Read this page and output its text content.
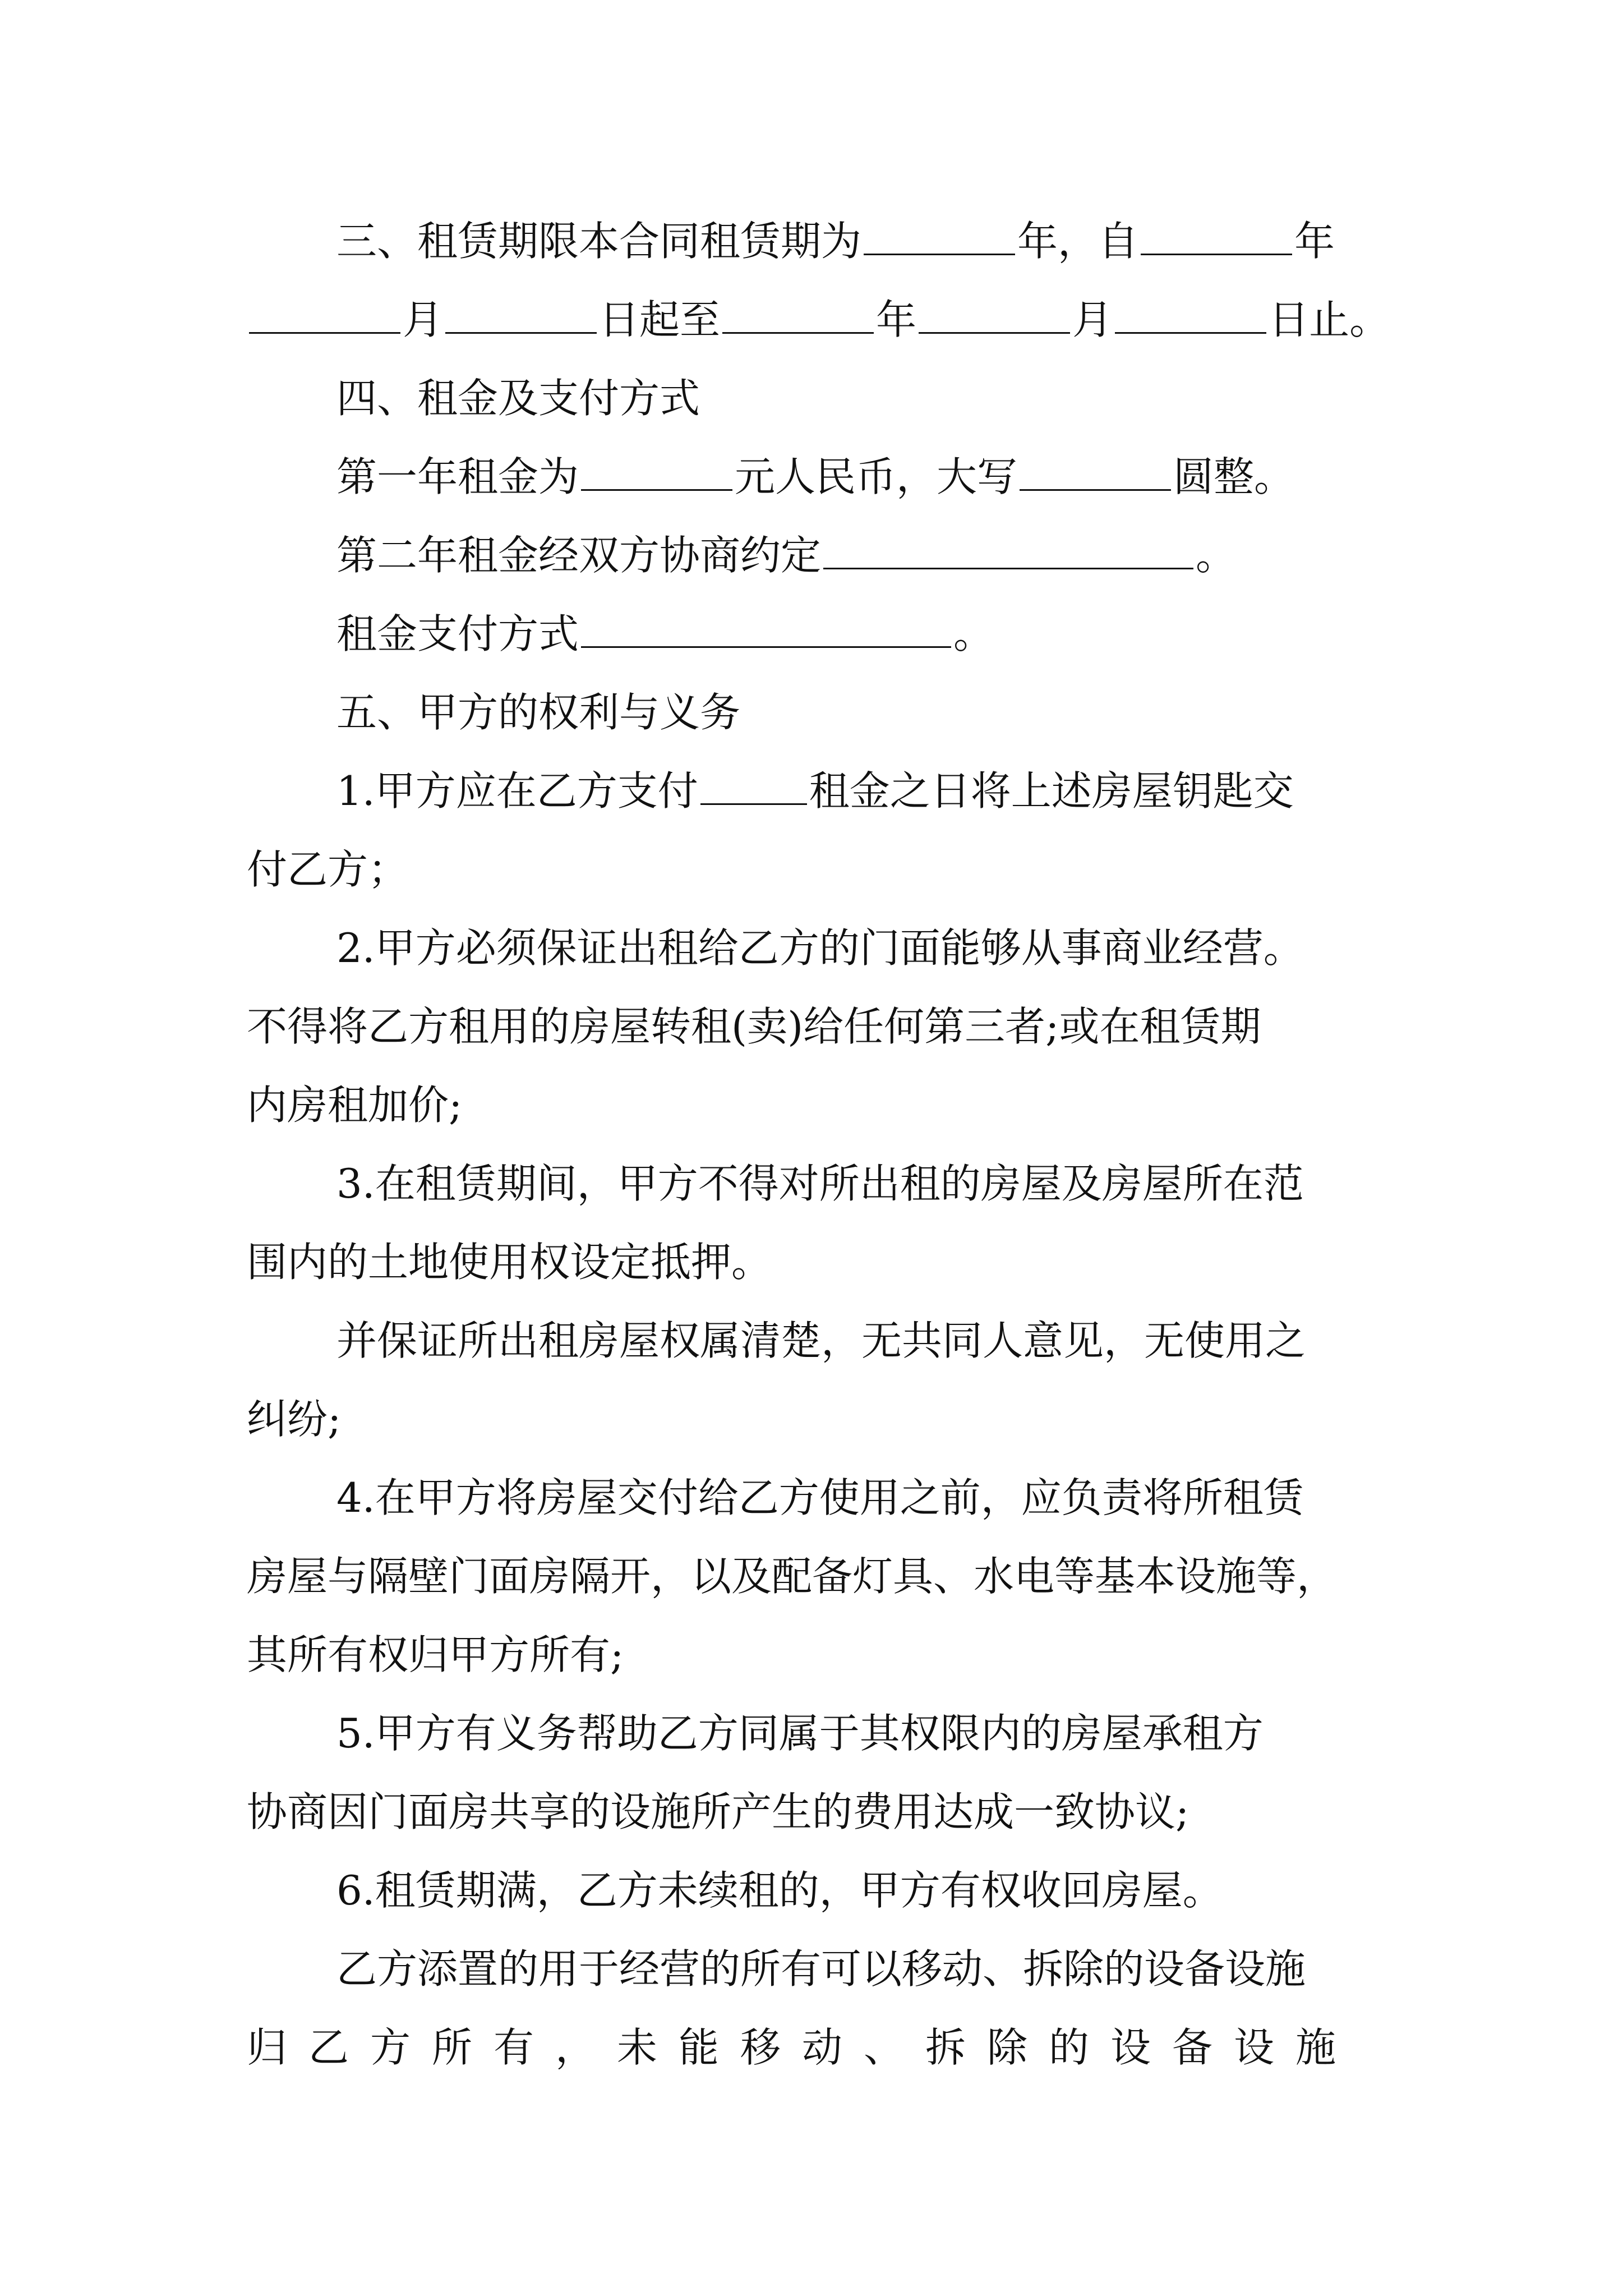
三、租赁期限本合同租赁期为	年，自	年
月	日起至	年	月	日止。
四、租金及支付方式
第一年租金为	元人民币，大写	圆整。
第二年租金经双方协商约定	。
租金支付方式	。
五、甲方的权利与义务
1.甲方应在乙方支付	租金之日将上述房屋钥匙交
付乙方；
2.甲方必须保证出租给乙方的门面能够从事商业经营。
不得将乙方租用的房屋转租(卖)给任何第三者;或在租赁期
内房租加价;
3.在租赁期间，甲方不得对所出租的房屋及房屋所在范
围内的土地使用权设定抵押。
并保证所出租房屋权属清楚，无共同人意见，无使用之
纠纷;
4.在甲方将房屋交付给乙方使用之前，应负责将所租赁
房屋与隔壁门面房隔开，以及配备灯具、水电等基本设施等，
其所有权归甲方所有;
5.甲方有义务帮助乙方同属于其权限内的房屋承租方
协商因门面房共享的设施所产生的费用达成一致协议;
6.租赁期满，乙方未续租的，甲方有权收回房屋。
乙方添置的用于经营的所有可以移动、拆除的设备设施
归乙方所有，未能移动、拆除的设备设施
